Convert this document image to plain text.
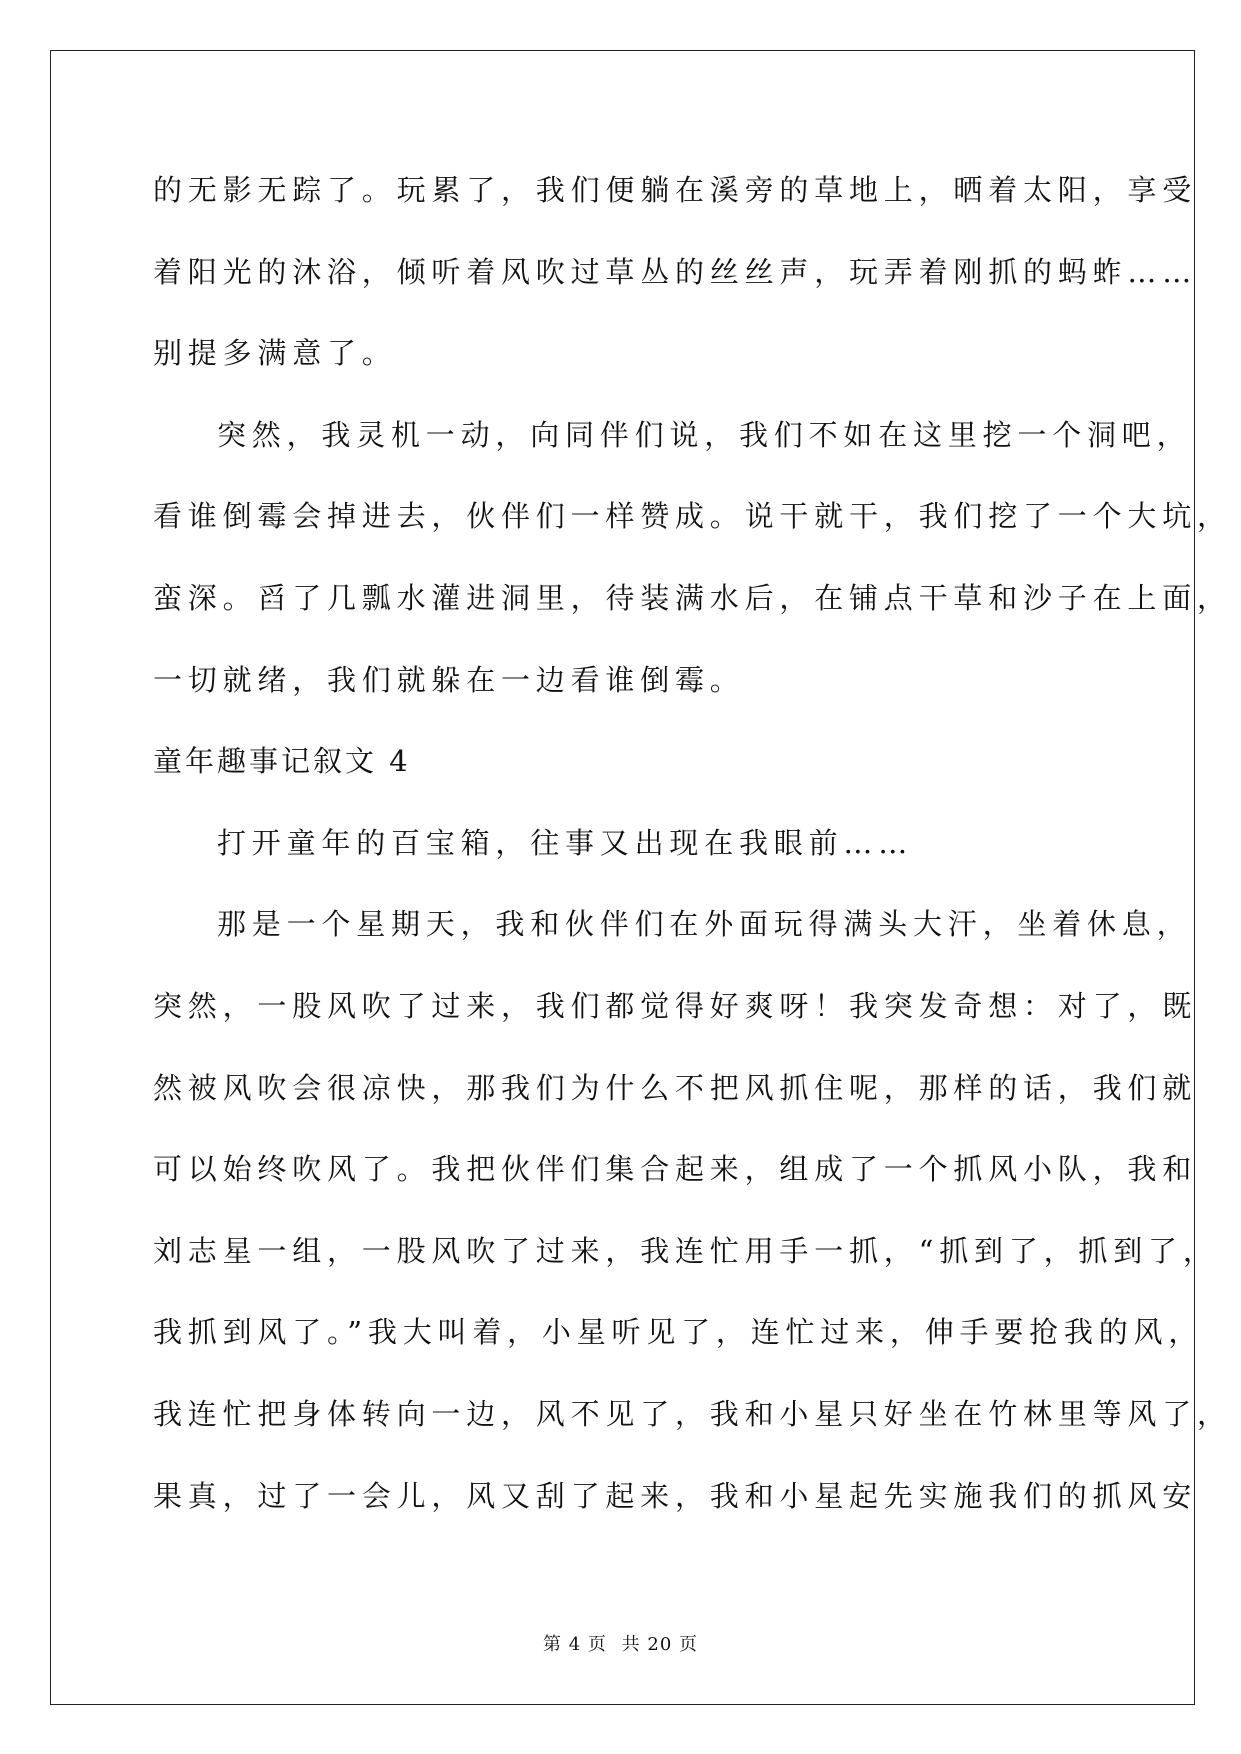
的无影无踪了。玩累了，我们便躺在溪旁的草地上，晒着太阳，享受
着阳光的沐浴，倾听着风吹过草丛的丝丝声，玩弄着刚抓的蚂蚱……
别提多满意了。
突然，我灵机一动，向同伴们说，我们不如在这里挖一个洞吧，
看谁倒霉会掉进去，伙伴们一样赞成。说干就干，我们挖了一个大坑，
蛮深。舀了几瓢水灌进洞里，待装满水后，在铺点干草和沙子在上面，
一切就绪，我们就躲在一边看谁倒霉。
童年趣事记叙文 4
打开童年的百宝箱，往事又出现在我眼前……
那是一个星期天，我和伙伴们在外面玩得满头大汗，坐着休息，
突然，一股风吹了过来，我们都觉得好爽呀！我突发奇想：对了，既
然被风吹会很凉快，那我们为什么不把风抓住呢，那样的话，我们就
可以始终吹风了。我把伙伴们集合起来，组成了一个抓风小队，我和
刘志星一组，一股风吹了过来，我连忙用手一抓，“抓到了，抓到了，
我抓到风了。”我大叫着，小星听见了，连忙过来，伸手要抢我的风，
我连忙把身体转向一边，风不见了，我和小星只好坐在竹林里等风了，
果真，过了一会儿，风又刮了起来，我和小星起先实施我们的抓风安
第 4 页 共 20 页
